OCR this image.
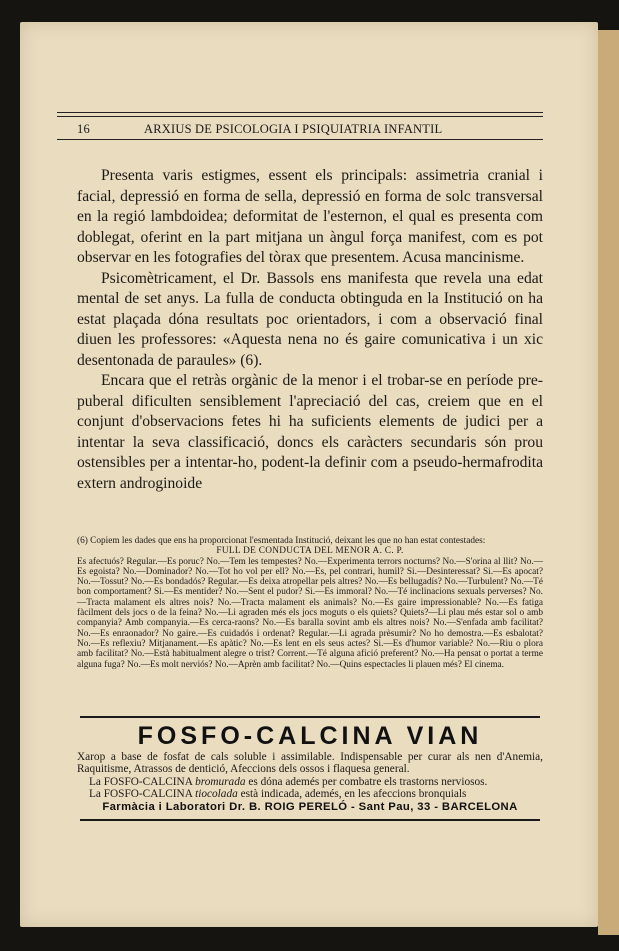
16	ARXIUS DE PSICOLOGIA I PSIQUIATRIA INFANTIL

Presenta varis estigmes, essent els principals: assimetria cranial i facial, depressió en forma de sella, depressió en forma de solc transversal en la regió lambdoidea; deformitat de l'esternon, el qual es presenta com doblegat, oferint en la part mitjana un àngul força manifest, com es pot observar en les fotografies del tòrax que presentem. Acusa mancinisme.

Psicomètricament, el Dr. Bassols ens manifesta que revela una edat mental de set anys. La fulla de conducta obtinguda en la Institució on ha estat plaçada dóna resultats poc orientadors, i com a observació final diuen les professores: «Aquesta nena no és gaire comunicativa i un xic desentonada de paraules» (6).

Encara que el retràs orgànic de la menor i el trobar-se en període pre-puberal dificulten sensiblement l'apreciació del cas, creiem que en el conjunt d'observacions fetes hi ha suficients elements de judici per a intentar la seva classificació, doncs els caràcters secundaris són prou ostensibles per a intentar-ho, podent-la definir com a pseudo-hermafrodita extern androginoide

(6) Copiem les dades que ens ha proporcionat l'esmentada Institució, deixant les que no han estat contestades:

FULL DE CONDUCTA DEL MENOR A. C. P.

Es afectuós? Regular.—Es poruc? No.—Tem les tempestes? No.—Experimenta terrors nocturns? No.—S'orina al llit? No.—Es egoista? No.—Dominador? No.—Tot ho vol per ell? No.—Es, pel contrari, humil? Si.—Desinteressat? Si.—Es apocat? No.—Tossut? No.—Es bondadós? Regular.—Es deixa atropellar pels altres? No.—Es bellugadís? No.—Turbulent? No.—Té bon comportament? Si.—Es mentider? No.—Sent el pudor? Si.—Es immoral? No.—Té inclinacions sexuals perverses? No.—Tracta malament els altres nois? No.—Tracta malament els animals? No.—Es gaire impressionable? No.—Es fatiga fàcilment dels jocs o de la feina? No.—Li agraden més els jocs moguts o els quiets? Quiets?—Li plau més estar sol o amb companyia? Amb companyia.—Es cerca-raons? No.—Es baralla sovint amb els altres nois? No.—S'enfada amb facilitat? No.—Es enraonador? No gaire.—Es cuidadós i ordenat? Regular.—Li agrada prèsumir? No ho demostra.—Es esbalotat? No.—Es reflexiu? Mitjanament.—Es apàtic? No.—Es lent en els seus actes? Si.—Es d'humor variable? No.—Riu o plora amb facilitat? No.—Està habitualment alegre o trist? Corrent.—Té alguna afició preferent? No.—Ha pensat o portat a terme alguna fuga? No.—Es molt nerviós? No.—Aprèn amb facilitat? No.—Quins espectacles li plauen més? El cinema.

FOSFO-CALCINA VIAN

Xarop a base de fosfat de cals soluble i assimilable. Indispensable per curar als nen d'Anemia, Raquitisme, Atrassos de dentició, Afeccions dels ossos i flaquesa general.

La FOSFO-CALCINA bromurada es dóna ademés per combatre els trastorns nerviosos.

La FOSFO-CALCINA tiocolada està indicada, ademés, en les afeccions bronquials

Farmàcia i Laboratori Dr. B. ROIG PERELÓ - Sant Pau, 33 - BARCELONA
